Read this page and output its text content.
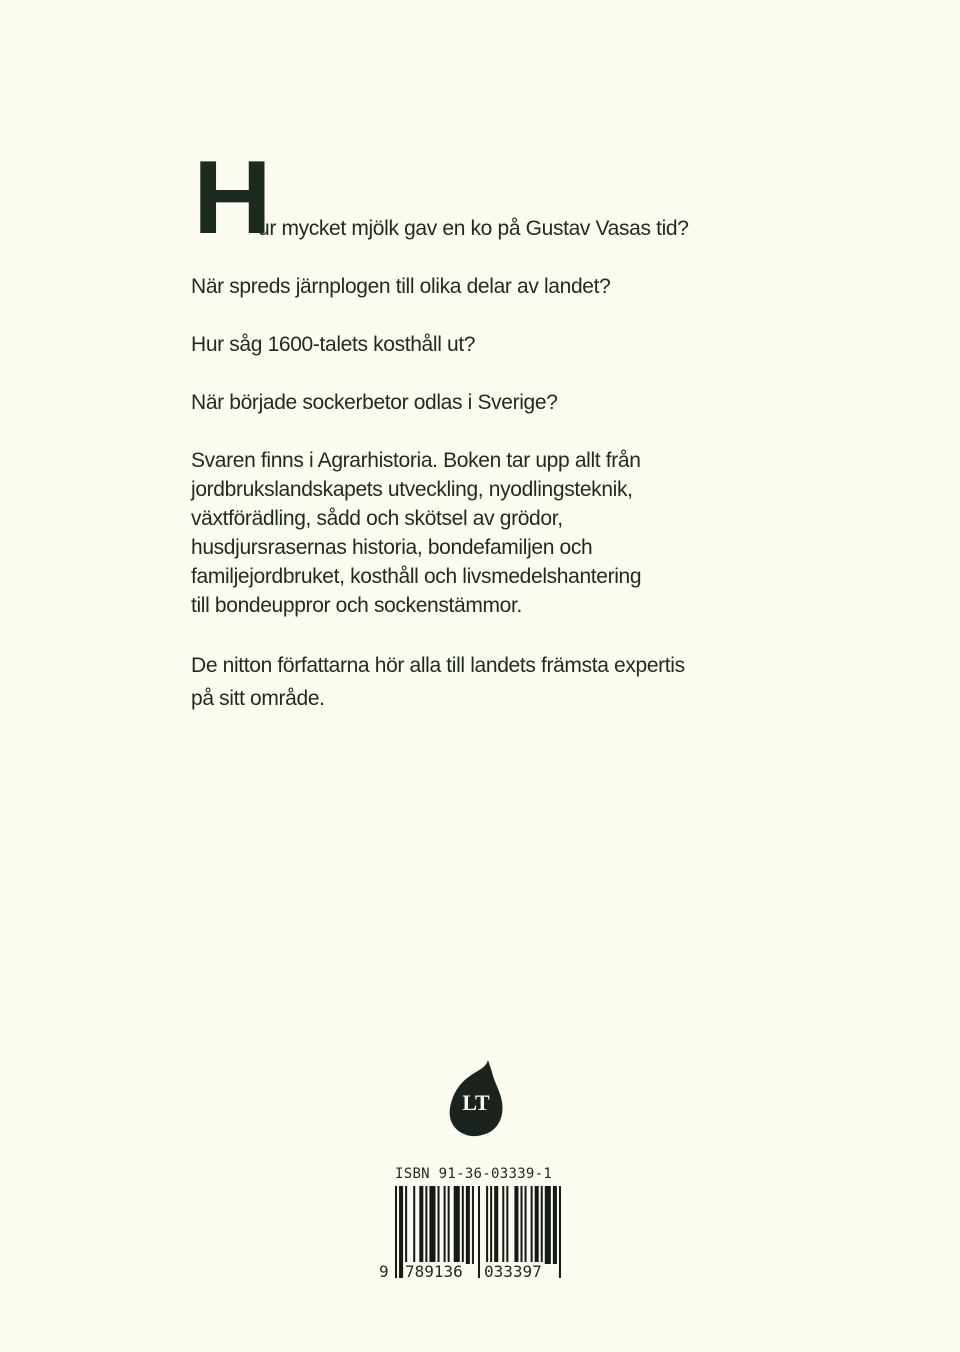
H
ur mycket mjölk gav en ko på Gustav Vasas tid?
När spreds järnplogen till olika delar av landet?
Hur såg 1600-talets kosthåll ut?
När började sockerbetor odlas i Sverige?
Svaren finns i Agrarhistoria. Boken tar upp allt från
jordbrukslandskapets utveckling, nyodlingsteknik,
växtförädling, sådd och skötsel av grödor,
husdjursrasernas historia, bondefamiljen och
familjejordbruket, kosthåll och livsmedelshantering
till bondeuppror och sockenstämmor.
De nitton författarna hör alla till landets främsta expertis
på sitt område.
LT
ISBN 91-36-03339-1
9 789136 033397
